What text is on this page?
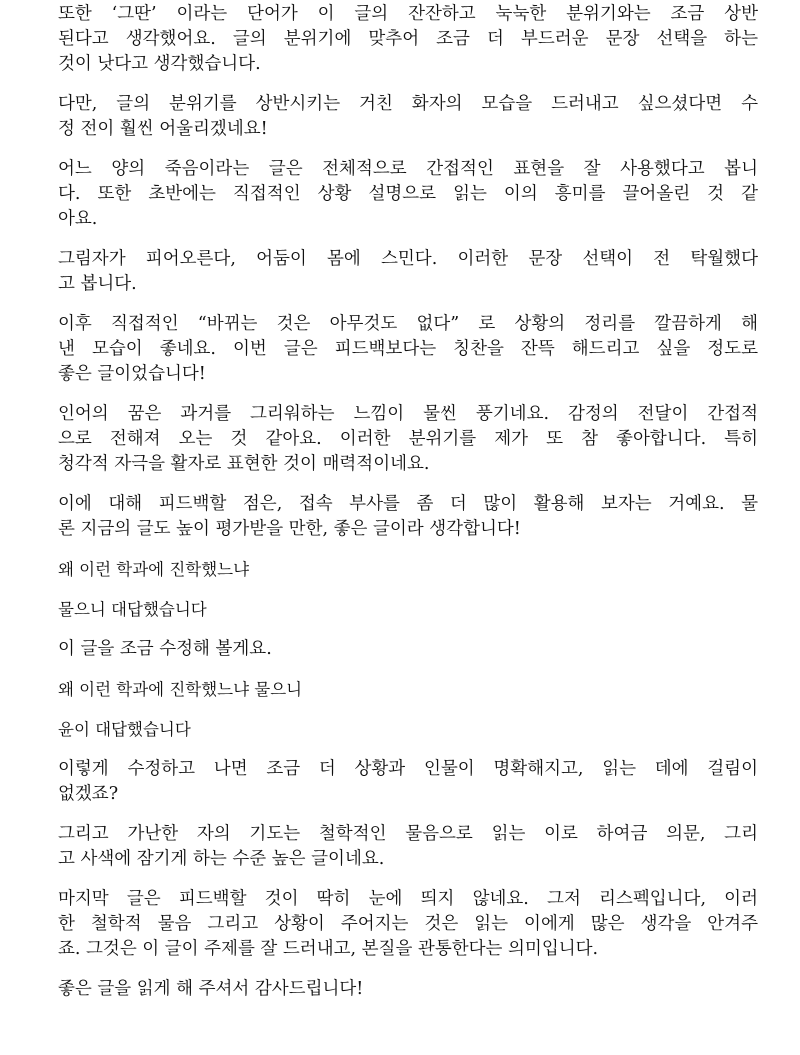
또한 ‘그딴’ 이라는 단어가 이 글의 잔잔하고 눅눅한 분위기와는 조금 상반
된다고 생각했어요. 글의 분위기에 맞추어 조금 더 부드러운 문장 선택을 하는
것이 낫다고 생각했습니다.

다만, 글의 분위기를 상반시키는 거친 화자의 모습을 드러내고 싶으셨다면 수
정 전이 훨씬 어울리겠네요!

어느 양의 죽음이라는 글은 전체적으로 간접적인 표현을 잘 사용했다고 봅니
다. 또한 초반에는 직접적인 상황 설명으로 읽는 이의 흥미를 끌어올린 것 같
아요.

그림자가 피어오른다, 어둠이 몸에 스민다. 이러한 문장 선택이 전 탁월했다
고 봅니다.

이후 직접적인 “바뀌는 것은 아무것도 없다” 로 상황의 정리를 깔끔하게 해
낸 모습이 좋네요. 이번 글은 피드백보다는 칭찬을 잔뜩 해드리고 싶을 정도로
좋은 글이었습니다!

인어의 꿈은 과거를 그리워하는 느낌이 물씬 풍기네요. 감정의 전달이 간접적
으로 전해져 오는 것 같아요. 이러한 분위기를 제가 또 참 좋아합니다. 특히
청각적 자극을 활자로 표현한 것이 매력적이네요.

이에 대해 피드백할 점은, 접속 부사를 좀 더 많이 활용해 보자는 거예요. 물
론 지금의 글도 높이 평가받을 만한, 좋은 글이라 생각합니다!

왜 이런 학과에 진학했느냐

물으니 대답했습니다

이 글을 조금 수정해 볼게요.

왜 이런 학과에 진학했느냐 물으니

윤이 대답했습니다

이렇게 수정하고 나면 조금 더 상황과 인물이 명확해지고, 읽는 데에 걸림이
없겠죠?

그리고 가난한 자의 기도는 철학적인 물음으로 읽는 이로 하여금 의문, 그리
고 사색에 잠기게 하는 수준 높은 글이네요.

마지막 글은 피드백할 것이 딱히 눈에 띄지 않네요. 그저 리스펙입니다, 이러
한 철학적 물음 그리고 상황이 주어지는 것은 읽는 이에게 많은 생각을 안겨주
죠. 그것은 이 글이 주제를 잘 드러내고, 본질을 관통한다는 의미입니다.

좋은 글을 읽게 해 주셔서 감사드립니다!
